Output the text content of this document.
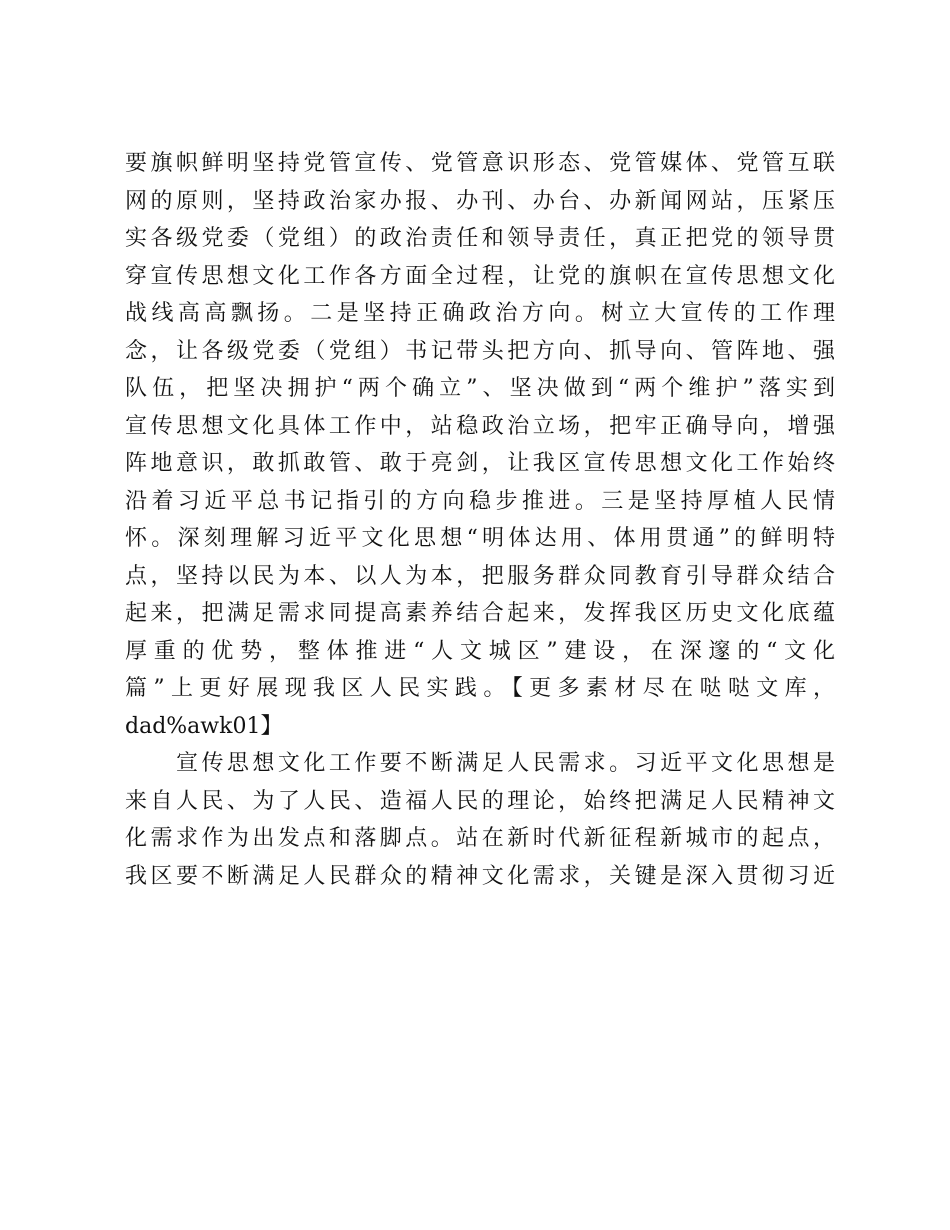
要旗帜鲜明坚持党管宣传、党管意识形态、党管媒体、党管互联
网的原则，坚持政治家办报、办刊、办台、办新闻网站，压紧压
实各级党委（党组）的政治责任和领导责任，真正把党的领导贯
穿宣传思想文化工作各方面全过程，让党的旗帜在宣传思想文化
战线高高飘扬。二是坚持正确政治方向。树立大宣传的工作理
念，让各级党委（党组）书记带头把方向、抓导向、管阵地、强
队伍，把坚决拥护“两个确立”、坚决做到“两个维护”落实到
宣传思想文化具体工作中，站稳政治立场，把牢正确导向，增强
阵地意识，敢抓敢管、敢于亮剑，让我区宣传思想文化工作始终
沿着习近平总书记指引的方向稳步推进。三是坚持厚植人民情
怀。深刻理解习近平文化思想“明体达用、体用贯通”的鲜明特
点，坚持以民为本、以人为本，把服务群众同教育引导群众结合
起来，把满足需求同提高素养结合起来，发挥我区历史文化底蕴
厚重的优势，整体推进“人文城区”建设，在深邃的“文化
篇”上更好展现我区人民实践。【更多素材尽在哒哒文库，
dad%awk01】
　　宣传思想文化工作要不断满足人民需求。习近平文化思想是
来自人民、为了人民、造福人民的理论，始终把满足人民精神文
化需求作为出发点和落脚点。站在新时代新征程新城市的起点，
我区要不断满足人民群众的精神文化需求，关键是深入贯彻习近
